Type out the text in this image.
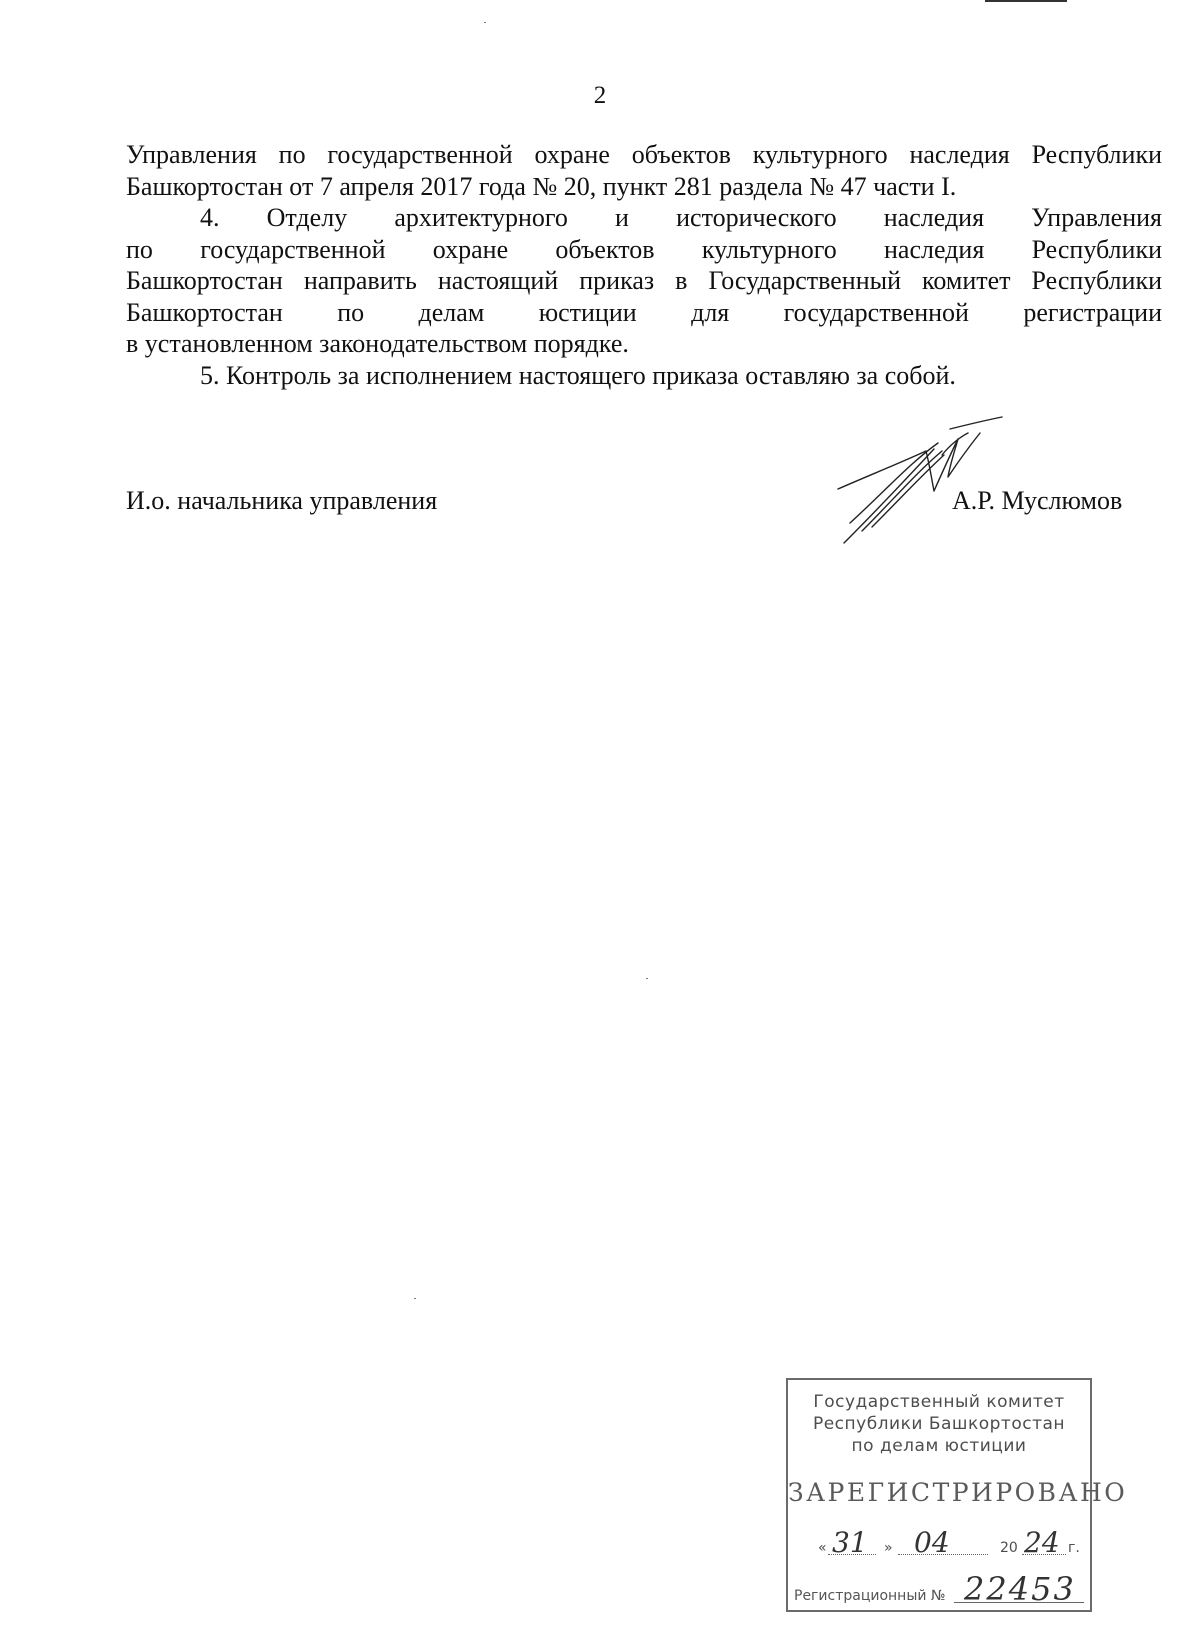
2

Управления по государственной охране объектов культурного наследия Республики

Башкортостан от 7 апреля 2017 года № 20, пункт 281 раздела № 47 части I.

4. Отделу архитектурного и исторического наследия Управления

по государственной охране объектов культурного наследия Республики

Башкортостан направить настоящий приказ в Государственный комитет Республики

Башкортостан по делам юстиции для государственной регистрации

в установленном законодательством порядке.

5. Контроль за исполнением настоящего приказа оставляю за собой.

И.о. начальника управления	А.Р. Муслюмов
Государственный комитет
Республики Башкортостан
по делам юстиции
ЗАРЕГИСТРИРОВАНО
« 31 » 04	20 24 г.
Регистрационный № 22453
